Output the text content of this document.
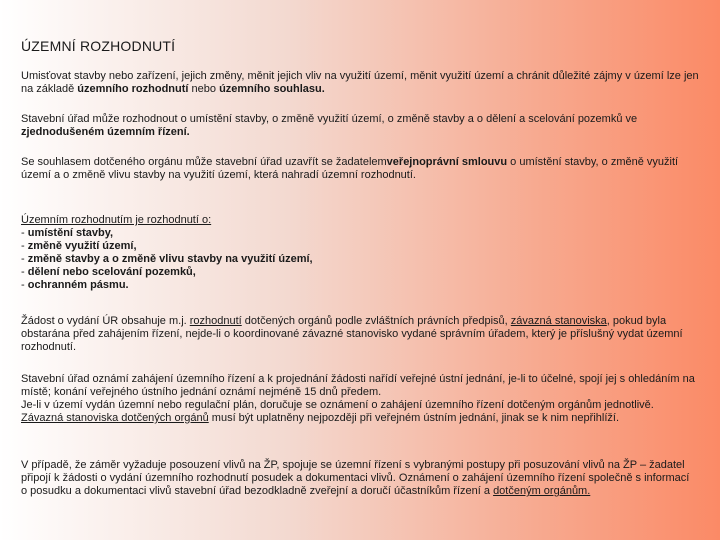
ÚZEMNÍ ROZHODNUTÍ
Umisťovat stavby nebo zařízení, jejich změny, měnit jejich vliv na využití území, měnit využití území a chránit důležité zájmy v území lze jen na základě územního rozhodnutí nebo územního souhlasu.
Stavební úřad může rozhodnout o umístění stavby, o změně využití území, o změně stavby a o dělení a scelování pozemků ve zjednodušeném územním řízení.
Se souhlasem dotčeného orgánu může stavební úřad uzavřít se žadatelemveřejnoprávní smlouvu o umístění stavby, o změně využití území a o změně vlivu stavby na využití území, která nahradí územní rozhodnutí.
Územním rozhodnutím je rozhodnutí o:
- umístění stavby,
- změně využití území,
- změně stavby a o změně vlivu stavby na využití území,
- dělení nebo scelování pozemků,
- ochranném pásmu.
Žádost o vydání ÚR obsahuje m.j. rozhodnutí dotčených orgánů podle zvláštních právních předpisů, závazná stanoviska, pokud byla obstarána před zahájením řízení, nejde-li o koordinované závazné stanovisko vydané správním úřadem, který je příslušný vydat územní rozhodnutí.
Stavební úřad oznámí zahájení územního řízení a k projednání žádosti nařídí veřejné ústní jednání, je-li to účelné, spojí jej s ohledáním na místě; konání veřejného ústního jednání oznámí nejméně 15 dnů předem.
Je-li v území vydán územní nebo regulační plán, doručuje se oznámení o zahájení územního řízení dotčeným orgánům jednotlivě.
Závazná stanoviska dotčených orgánů musí být uplatněny nejpozději při veřejném ústním jednání, jinak se k nim nepřihlíží.
V případě, že záměr vyžaduje posouzení vlivů na ŽP, spojuje se územní řízení s vybranými postupy při posuzování vlivů na ŽP – žadatel připojí k žádosti o vydání územního rozhodnutí posudek a dokumentaci vlivů. Oznámení o zahájení územního řízení společně s informací
o posudku a dokumentaci vlivů stavební úřad bezodkladně zveřejní a doručí účastníkům řízení a dotčeným orgánům.
